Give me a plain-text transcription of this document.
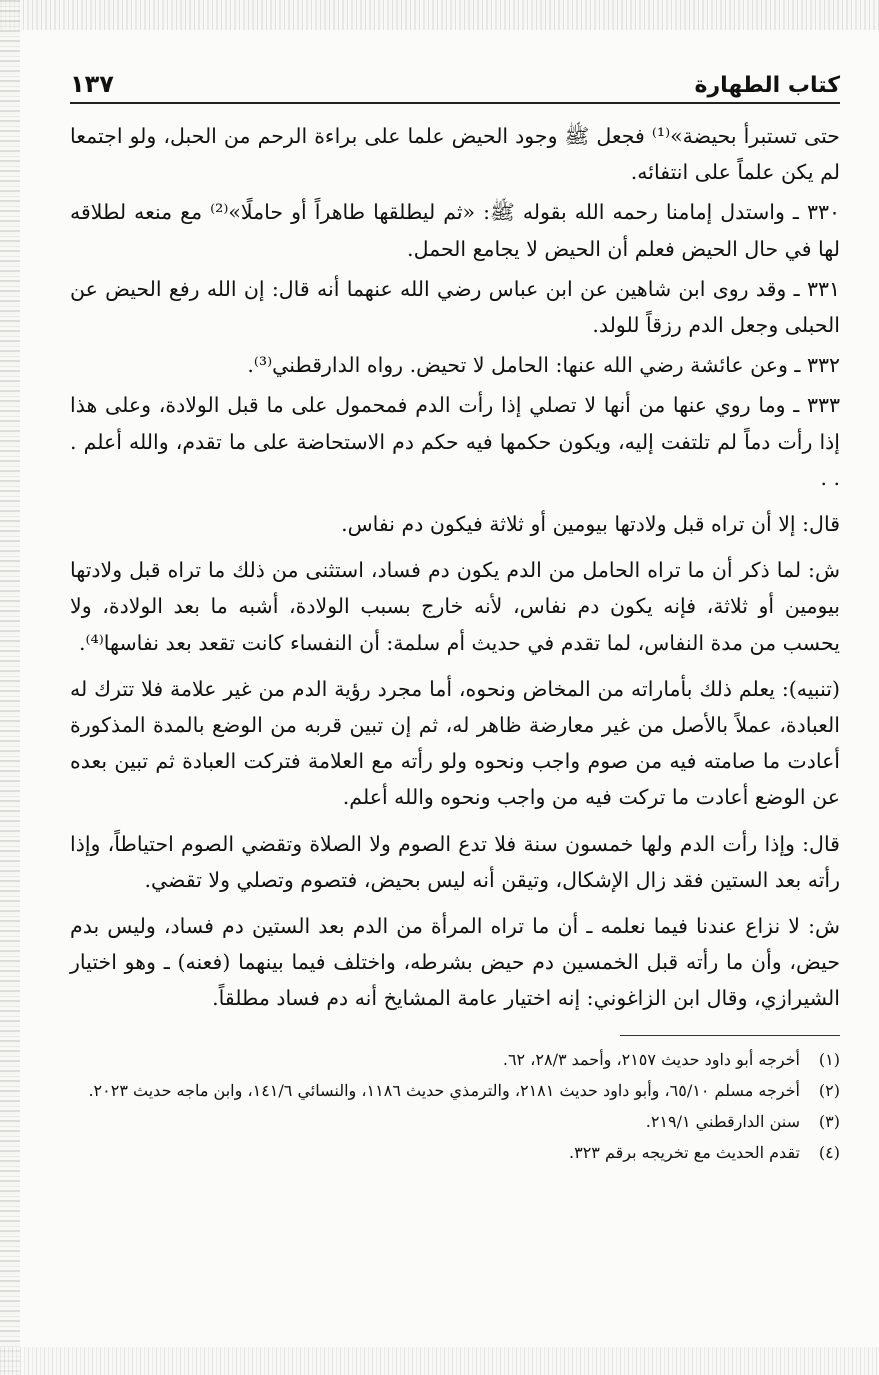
كتاب الطهارة
١٣٧

حتى تستبرأ بحيضة»⁽¹⁾ فجعل ﷺ وجود الحيض علما على براءة الرحم من الحبل، ولو اجتمعا لم يكن علماً على انتفائه.

٣٣٠ ـ واستدل إمامنا رحمه الله بقوله ﷺ: «ثم ليطلقها طاهراً أو حاملًا»⁽²⁾ مع منعه لطلاقه لها في حال الحيض فعلم أن الحيض لا يجامع الحمل.

٣٣١ ـ وقد روى ابن شاهين عن ابن عباس رضي الله عنهما أنه قال: إن الله رفع الحيض عن الحبلى وجعل الدم رزقاً للولد.

٣٣٢ ـ وعن عائشة رضي الله عنها: الحامل لا تحيض. رواه الدارقطني⁽³⁾.

٣٣٣ ـ وما روي عنها من أنها لا تصلي إذا رأت الدم فمحمول على ما قبل الولادة، وعلى هذا إذا رأت دماً لم تلتفت إليه، ويكون حكمها فيه حكم دم الاستحاضة على ما تقدم، والله أعلم . . .

قال: إلا أن تراه قبل ولادتها بيومين أو ثلاثة فيكون دم نفاس.

ش: لما ذكر أن ما تراه الحامل من الدم يكون دم فساد، استثنى من ذلك ما تراه قبل ولادتها بيومين أو ثلاثة، فإنه يكون دم نفاس، لأنه خارج بسبب الولادة، أشبه ما بعد الولادة، ولا يحسب من مدة النفاس، لما تقدم في حديث أم سلمة: أن النفساء كانت تقعد بعد نفاسها⁽⁴⁾.

(تنبيه): يعلم ذلك بأماراته من المخاض ونحوه، أما مجرد رؤية الدم من غير علامة فلا تترك له العبادة، عملاً بالأصل من غير معارضة ظاهر له، ثم إن تبين قربه من الوضع بالمدة المذكورة أعادت ما صامته فيه من صوم واجب ونحوه ولو رأته مع العلامة فتركت العبادة ثم تبين بعده عن الوضع أعادت ما تركت فيه من واجب ونحوه والله أعلم.

قال: وإذا رأت الدم ولها خمسون سنة فلا تدع الصوم ولا الصلاة وتقضي الصوم احتياطاً، وإذا رأته بعد الستين فقد زال الإشكال، وتيقن أنه ليس بحيض، فتصوم وتصلي ولا تقضي.

ش: لا نزاع عندنا فيما نعلمه ـ أن ما تراه المرأة من الدم بعد الستين دم فساد، وليس بدم حيض، وأن ما رأته قبل الخمسين دم حيض بشرطه، واختلف فيما بينهما (فعنه) ـ وهو اختيار الشيرازي، وقال ابن الزاغوني: إنه اختيار عامة المشايخ أنه دم فساد مطلقاً.

(١)
أخرجه أبو داود حديث ٢١٥٧، وأحمد ٢٨/٣، ٦٢.
(٢)
أخرجه مسلم ٦٥/١٠، وأبو داود حديث ٢١٨١، والترمذي حديث ١١٨٦، والنسائي ١٤١/٦، وابن ماجه حديث ٢٠٢٣.
(٣)
سنن الدارقطني ٢١٩/١.
(٤)
تقدم الحديث مع تخريجه برقم ٣٢٣.
